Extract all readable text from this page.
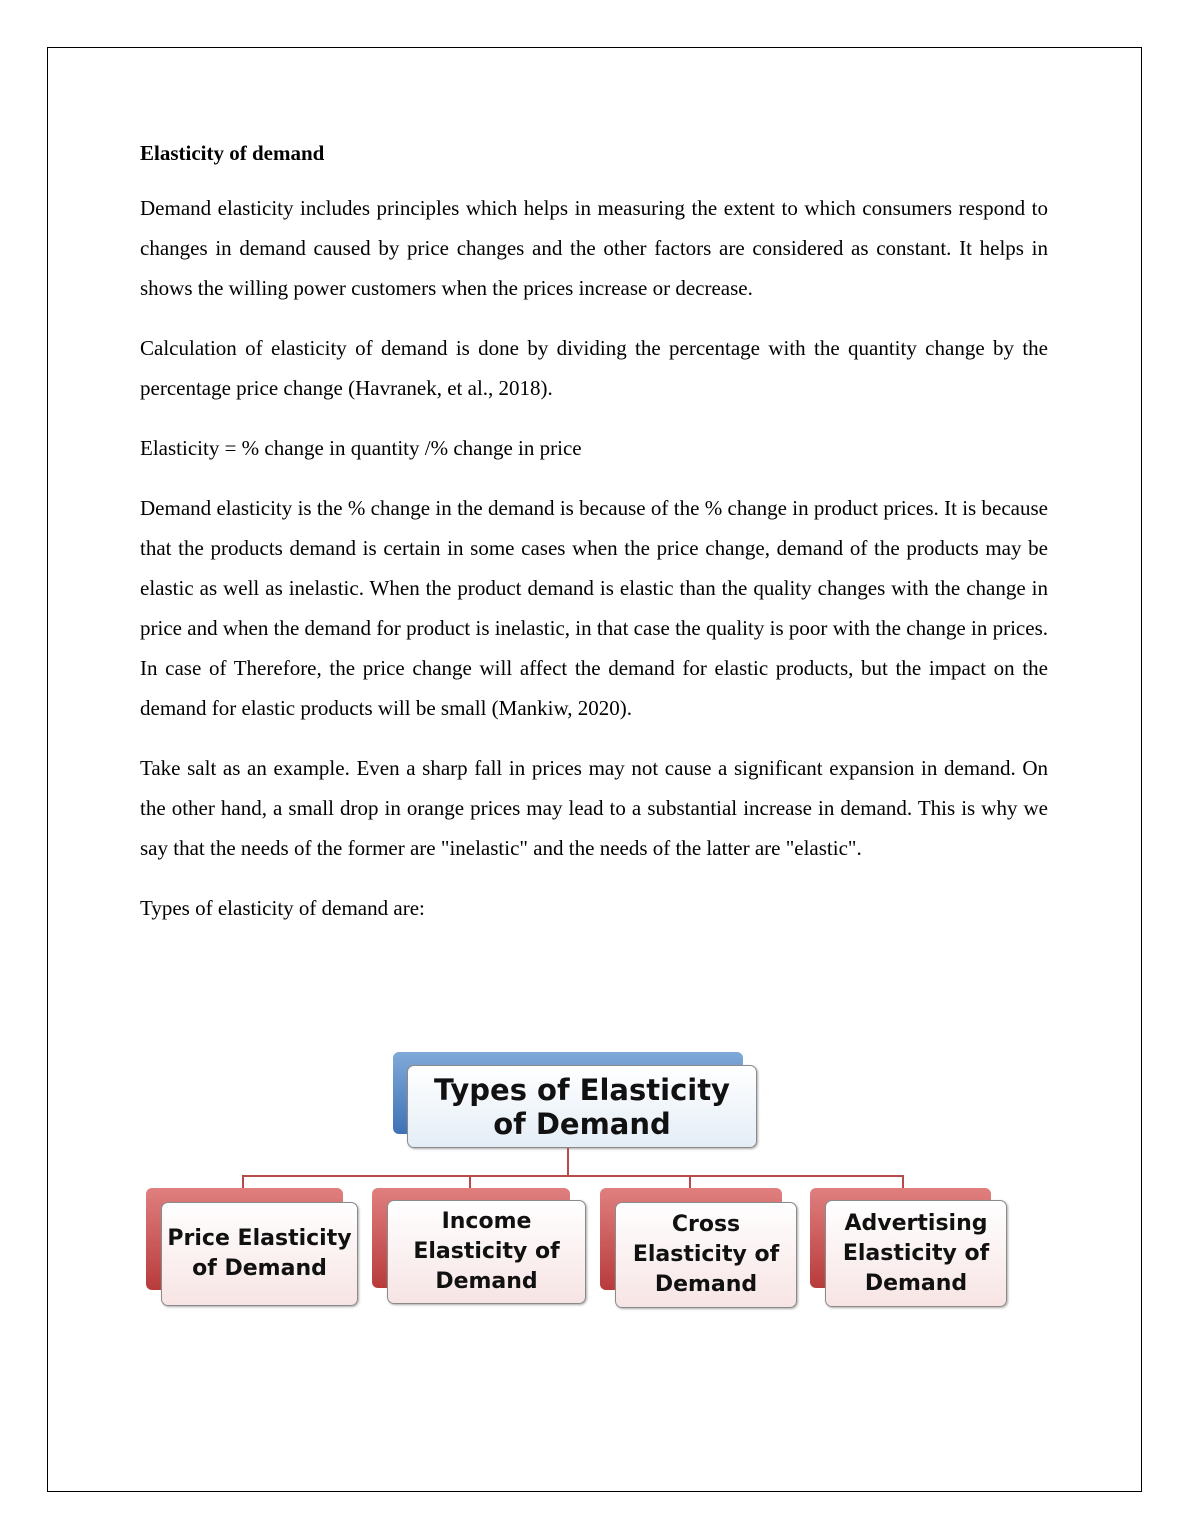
Elasticity of demand

Demand elasticity includes principles which helps in measuring the extent to which consumers respond to changes in demand caused by price changes and the other factors are considered as constant. It helps in shows the willing power customers when the prices increase or decrease.

Calculation of elasticity of demand is done by dividing the percentage with the quantity change by the percentage price change (Havranek, et al., 2018).

Elasticity = % change in quantity /% change in price

Demand elasticity is the % change in the demand is because of the % change in product prices. It is because that the products demand is certain in some cases when the price change, demand of the products may be elastic as well as inelastic. When the product demand is elastic than the quality changes with the change in price and when the demand for product is inelastic, in that case the quality is poor with the change in prices. In case of Therefore, the price change will affect the demand for elastic products, but the impact on the demand for elastic products will be small (Mankiw, 2020).

Take salt as an example. Even a sharp fall in prices may not cause a significant expansion in demand. On the other hand, a small drop in orange prices may lead to a substantial increase in demand. This is why we say that the needs of the former are "inelastic" and the needs of the latter are "elastic".

Types of elasticity of demand are:

Types of Elasticity of Demand
Price Elasticity of Demand
Income Elasticity of Demand
Cross Elasticity of Demand
Advertising Elasticity of Demand
